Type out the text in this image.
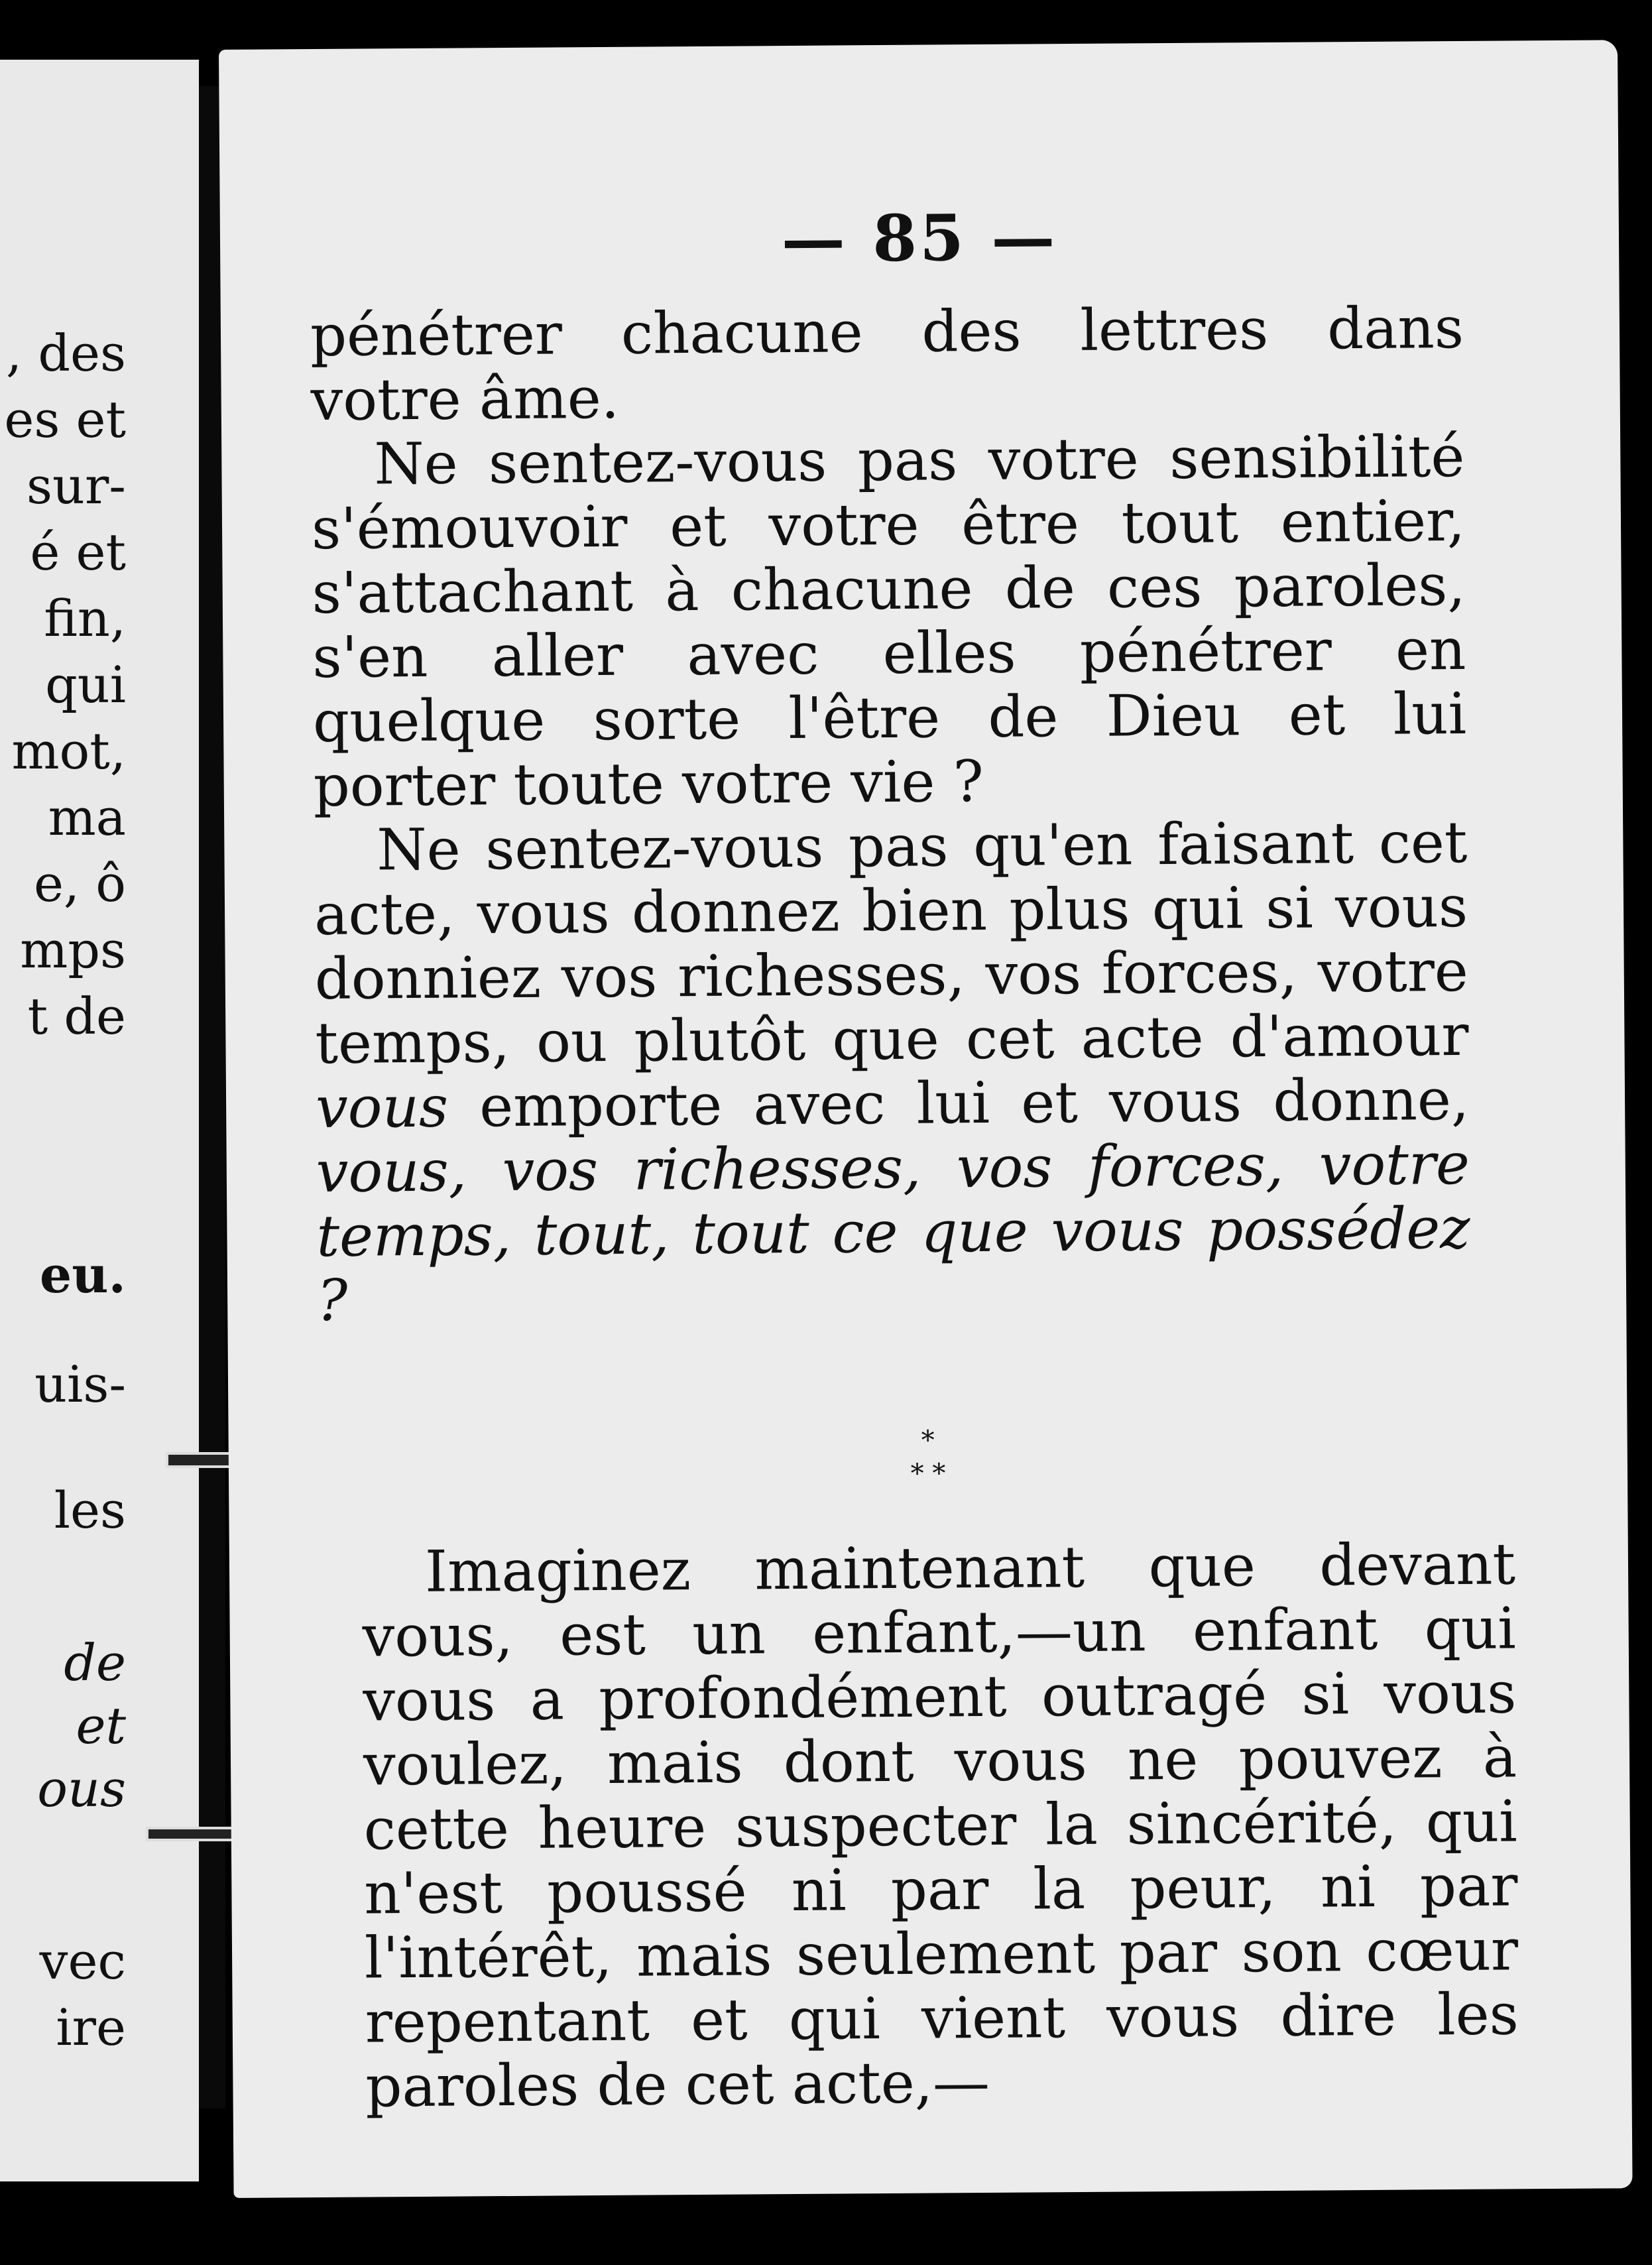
, des
es et
sur-
é et
fin,
qui
mot,
ma
e, ô
mps
t de
eu.
uis-
les
de
et
ous
vec
ire
— 85 —

pénétrer chacune des lettres dans votre âme.

Ne sentez-vous pas votre sensibilité s'émouvoir et votre être tout entier, s'attachant à chacune de ces paroles, s'en aller avec elles pénétrer en quelque sorte l'être de Dieu et lui porter toute votre vie ?

Ne sentez-vous pas qu'en faisant cet acte, vous donnez bien plus qui si vous donniez vos richesses, vos forces, votre temps, ou plutôt que cet acte d'amour vous emporte avec lui et vous donne, vous, vos richesses, vos forces, votre temps, tout, tout ce que vous possédez ?

*
* *

Imaginez maintenant que devant vous, est un enfant,—un enfant qui vous a profondément outragé si vous voulez, mais dont vous ne pouvez à cette heure suspecter la sincérité, qui n'est poussé ni par la peur, ni par l'intérêt, mais seulement par son cœur repentant et qui vient vous dire les paroles de cet acte,—
